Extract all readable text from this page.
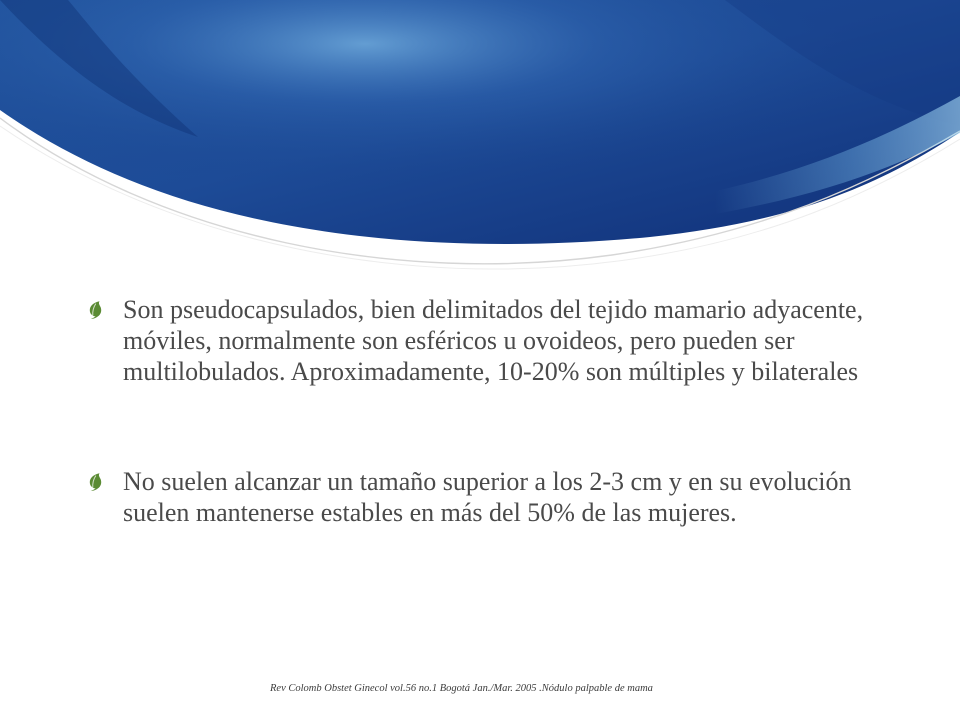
Son pseudocapsulados, bien delimitados del tejido mamario adyacente, móviles, normalmente son esféricos u ovoideos, pero pueden ser multilobulados. Aproximadamente, 10-20% son múltiples y bilaterales
No suelen alcanzar un tamaño superior a los 2-3 cm y en su evolución suelen mantenerse estables en más del 50% de las mujeres.
Rev Colomb Obstet Ginecol vol.56 no.1 Bogotá Jan./Mar. 2005 .Nódulo palpable de mama
